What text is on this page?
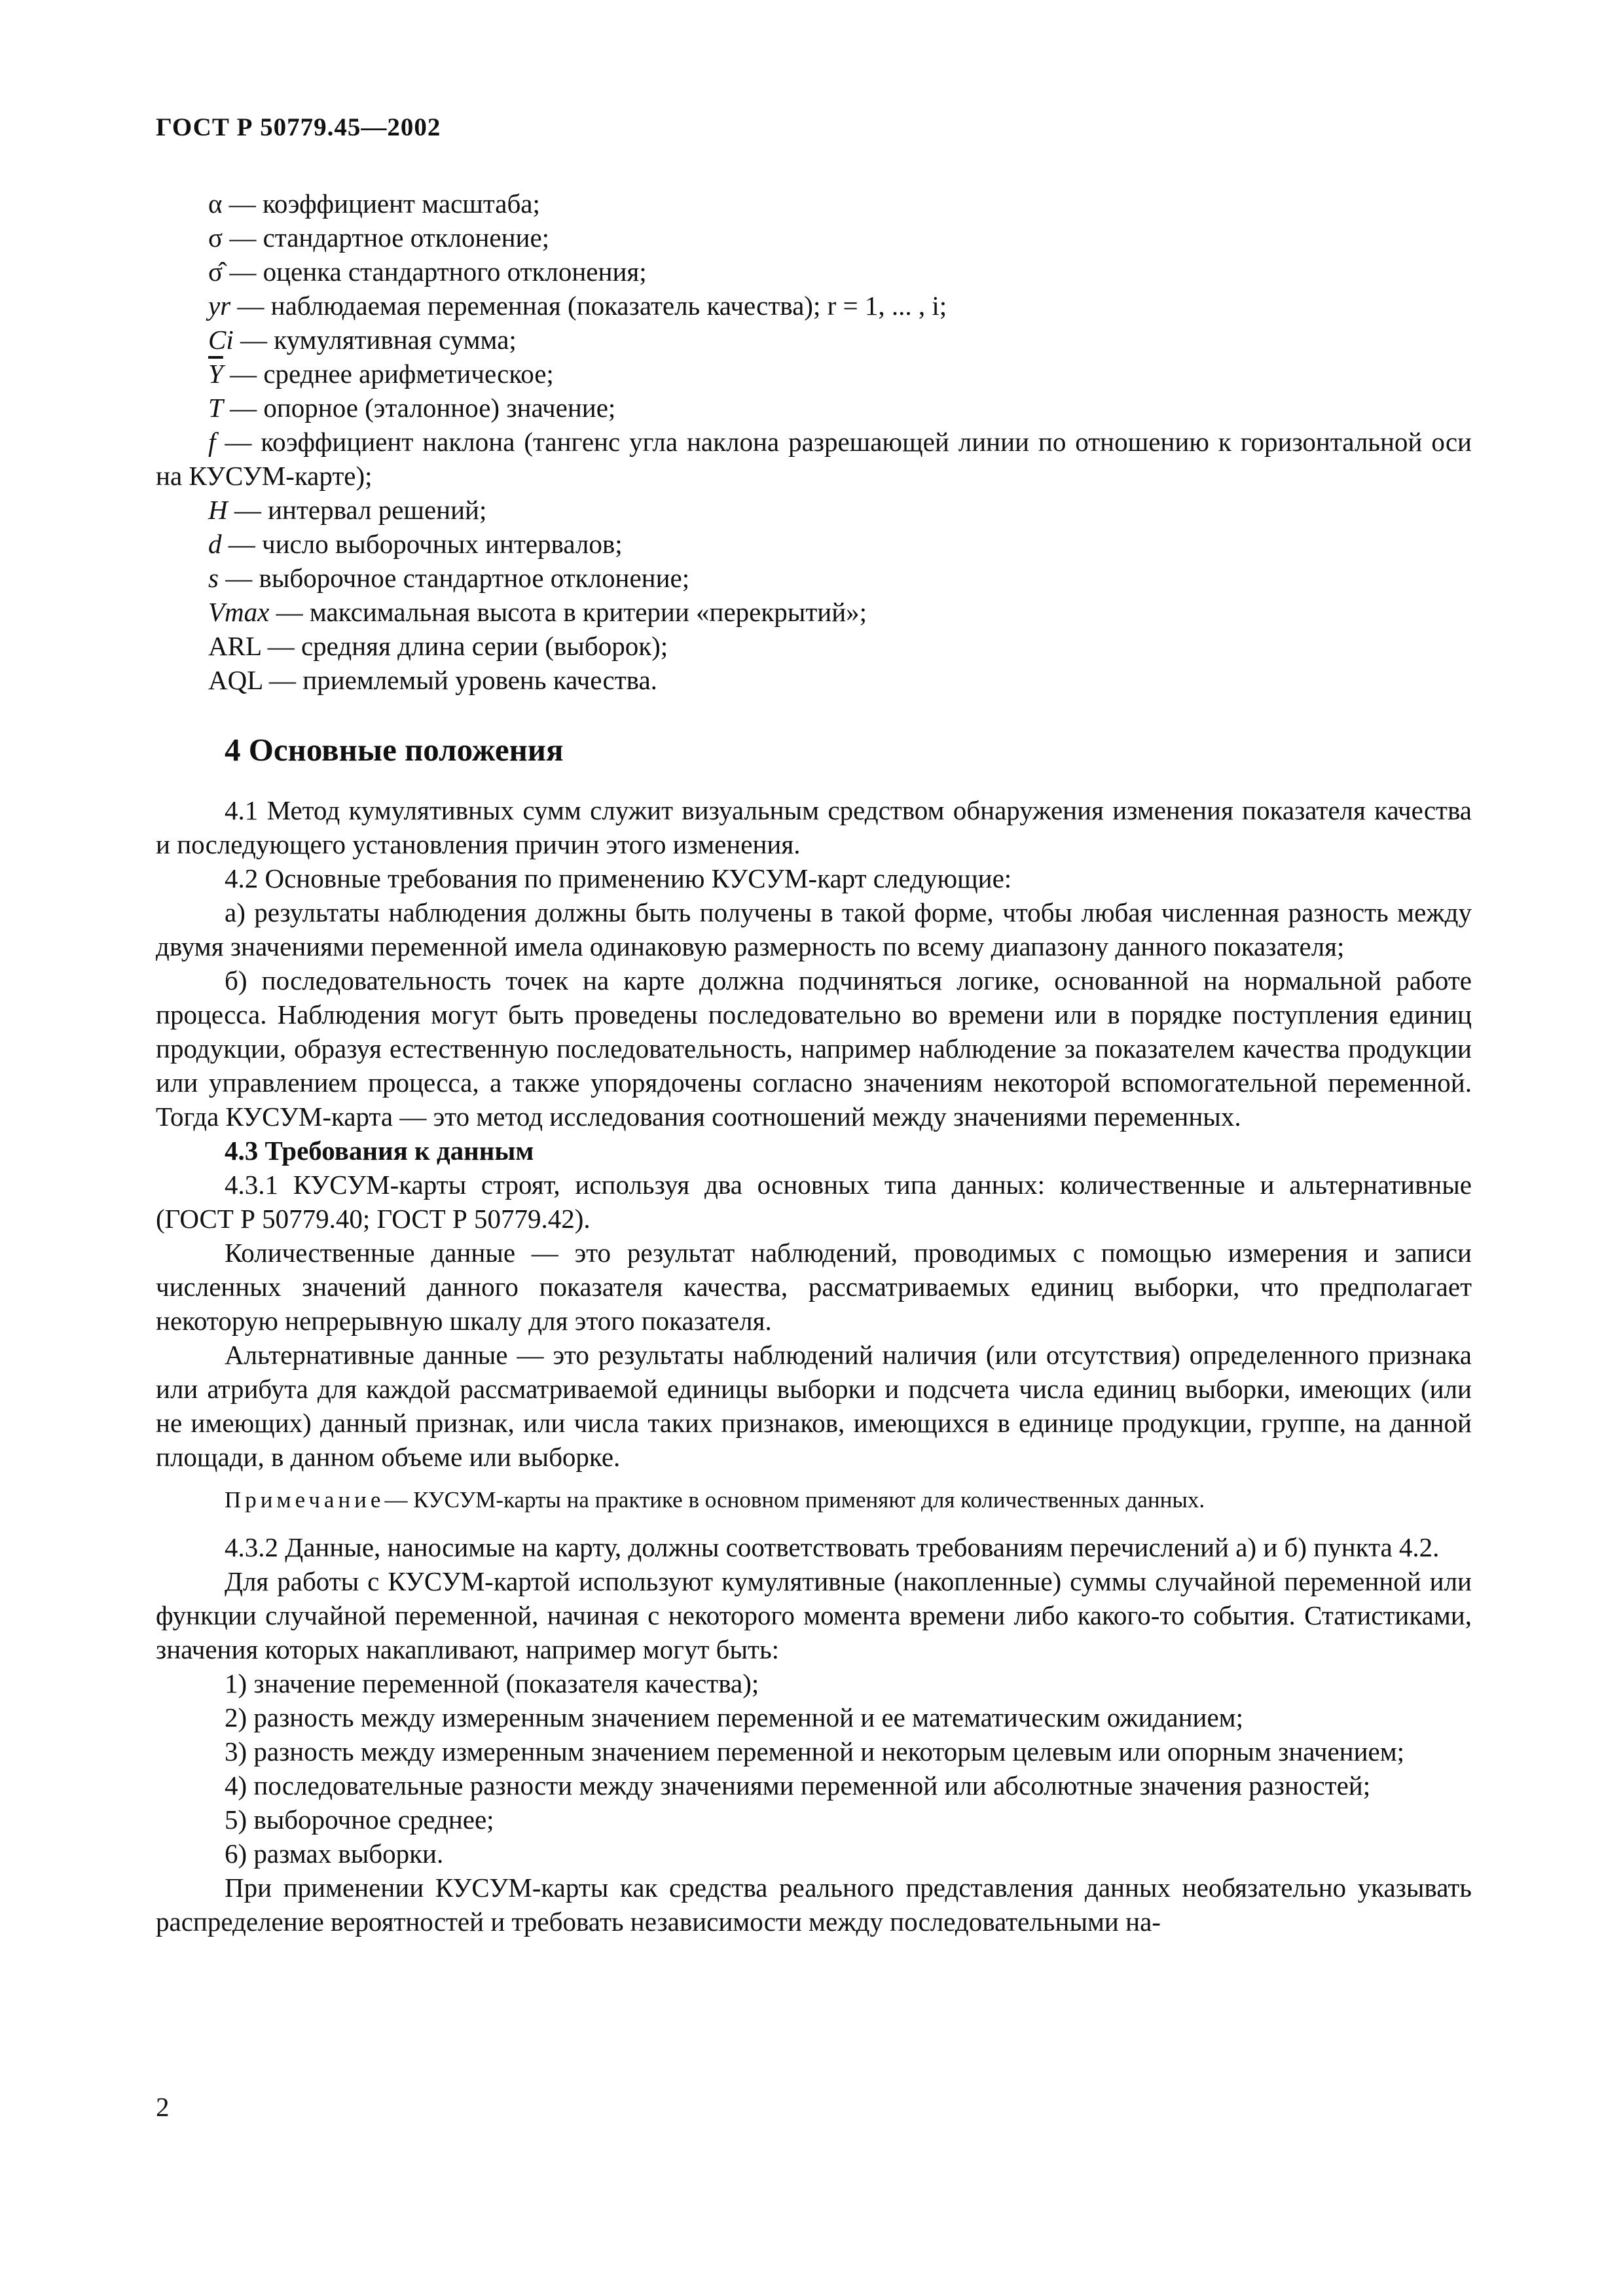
ГОСТ Р 50779.45—2002
α — коэффициент масштаба;
σ — стандартное отклонение;
σ̂ — оценка стандартного отклонения;
yr — наблюдаемая переменная (показатель качества); r = 1, ... , i;
Ci — кумулятивная сумма;
$\overline{Y}$ — среднее арифметическое;
T — опорное (эталонное) значение;
f — коэффициент наклона (тангенс угла наклона разрешающей линии по отношению к горизонтальной оси на КУСУМ-карте);
H — интервал решений;
d — число выборочных интервалов;
s — выборочное стандартное отклонение;
Vmax — максимальная высота в критерии «перекрытий»;
ARL — средняя длина серии (выборок);
AQL — приемлемый уровень качества.
4 Основные положения

4.1 Метод кумулятивных сумм служит визуальным средством обнаружения изменения показателя качества и последующего установления причин этого изменения.

4.2 Основные требования по применению КУСУМ-карт следующие:

а) результаты наблюдения должны быть получены в такой форме, чтобы любая численная разность между двумя значениями переменной имела одинаковую размерность по всему диапазону данного показателя;

б) последовательность точек на карте должна подчиняться логике, основанной на нормальной работе процесса. Наблюдения могут быть проведены последовательно во времени или в порядке поступления единиц продукции, образуя естественную последовательность, например наблюдение за показателем качества продукции или управлением процесса, а также упорядочены согласно значениям некоторой вспомогательной переменной. Тогда КУСУМ-карта — это метод исследования соотношений между значениями переменных.

4.3 Требования к данным

4.3.1 КУСУМ-карты строят, используя два основных типа данных: количественные и альтернативные (ГОСТ Р 50779.40; ГОСТ Р 50779.42).

Количественные данные — это результат наблюдений, проводимых с помощью измерения и записи численных значений данного показателя качества, рассматриваемых единиц выборки, что предполагает некоторую непрерывную шкалу для этого показателя.

Альтернативные данные — это результаты наблюдений наличия (или отсутствия) определенного признака или атрибута для каждой рассматриваемой единицы выборки и подсчета числа единиц выборки, имеющих (или не имеющих) данный признак, или числа таких признаков, имеющихся в единице продукции, группе, на данной площади, в данном объеме или выборке.

Примечание— КУСУМ-карты на практике в основном применяют для количественных данных.

4.3.2 Данные, наносимые на карту, должны соответствовать требованиям перечислений а) и б) пункта 4.2.

Для работы с КУСУМ-картой используют кумулятивные (накопленные) суммы случайной переменной или функции случайной переменной, начиная с некоторого момента времени либо какого-то события. Статистиками, значения которых накапливают, например могут быть:

1) значение переменной (показателя качества);

2) разность между измеренным значением переменной и ее математическим ожиданием;

3) разность между измеренным значением переменной и некоторым целевым или опорным значением;

4) последовательные разности между значениями переменной или абсолютные значения разностей;

5) выборочное среднее;

6) размах выборки.

При применении КУСУМ-карты как средства реального представления данных необязательно указывать распределение вероятностей и требовать независимости между последовательными на-

2
